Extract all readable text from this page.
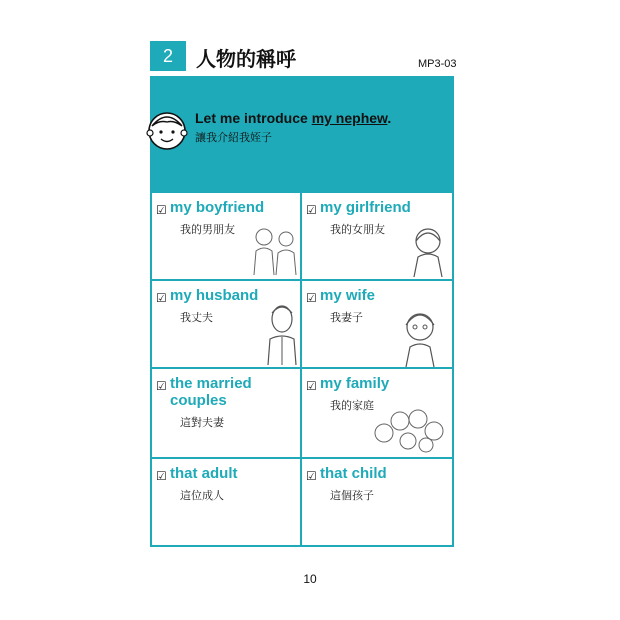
2	人物的稱呼	MP3-03
Let me introduce my nephew.
讓我介紹我姪子
☑ my boyfriend
我的男朋友
☑ my girlfriend
我的女朋友
☑ my husband
我丈夫
☑ my wife
我妻子
☑ the married couples
這對夫妻
☑ my family
我的家庭
☑ that adult
這位成人
☑ that child
這個孩子
10
